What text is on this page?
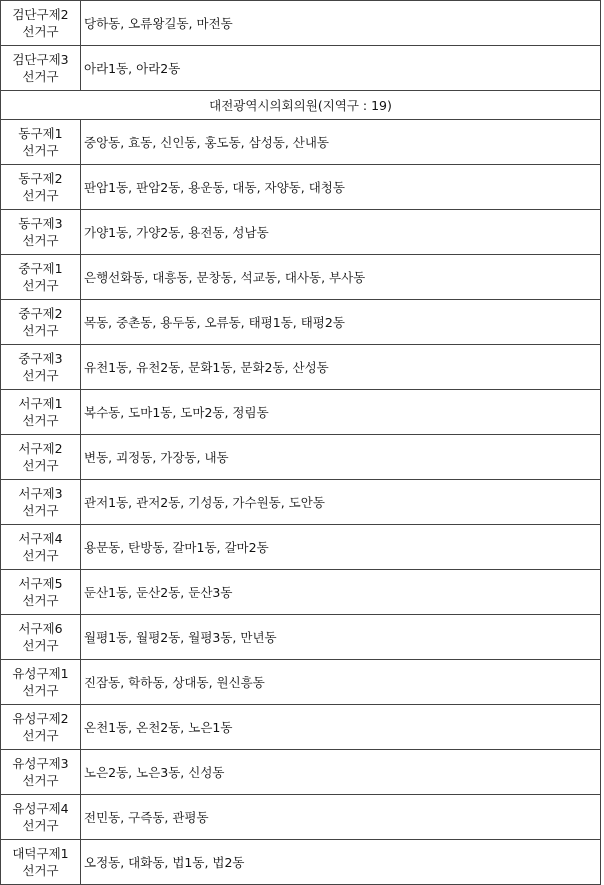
검단구제2
선거구	당하동, 오류왕길동, 마전동

검단구제3
선거구	아라1동, 아라2동
대전광역시의회의원(지역구 : 19)	

동구제1
선거구	중앙동, 효동, 신인동, 홍도동, 삼성동, 산내동

동구제2
선거구	판암1동, 판암2동, 용운동, 대동, 자양동, 대청동

동구제3
선거구	가양1동, 가양2동, 용전동, 성남동

중구제1
선거구	은행선화동, 대흥동, 문창동, 석교동, 대사동, 부사동

중구제2
선거구	목동, 중촌동, 용두동, 오류동, 태평1동, 태평2동

중구제3
선거구	유천1동, 유천2동, 문화1동, 문화2동, 산성동

서구제1
선거구	복수동, 도마1동, 도마2동, 정림동

서구제2
선거구	변동, 괴정동, 가장동, 내동

서구제3
선거구	관저1동, 관저2동, 기성동, 가수원동, 도안동

서구제4
선거구	용문동, 탄방동, 갈마1동, 갈마2동

서구제5
선거구	둔산1동, 둔산2동, 둔산3동

서구제6
선거구	월평1동, 월평2동, 월평3동, 만년동

유성구제1
선거구	진잠동, 학하동, 상대동, 원신흥동

유성구제2
선거구	온천1동, 온천2동, 노은1동

유성구제3
선거구	노은2동, 노은3동, 신성동

유성구제4
선거구	전민동, 구즉동, 관평동

대덕구제1
선거구	오정동, 대화동, 법1동, 법2동
